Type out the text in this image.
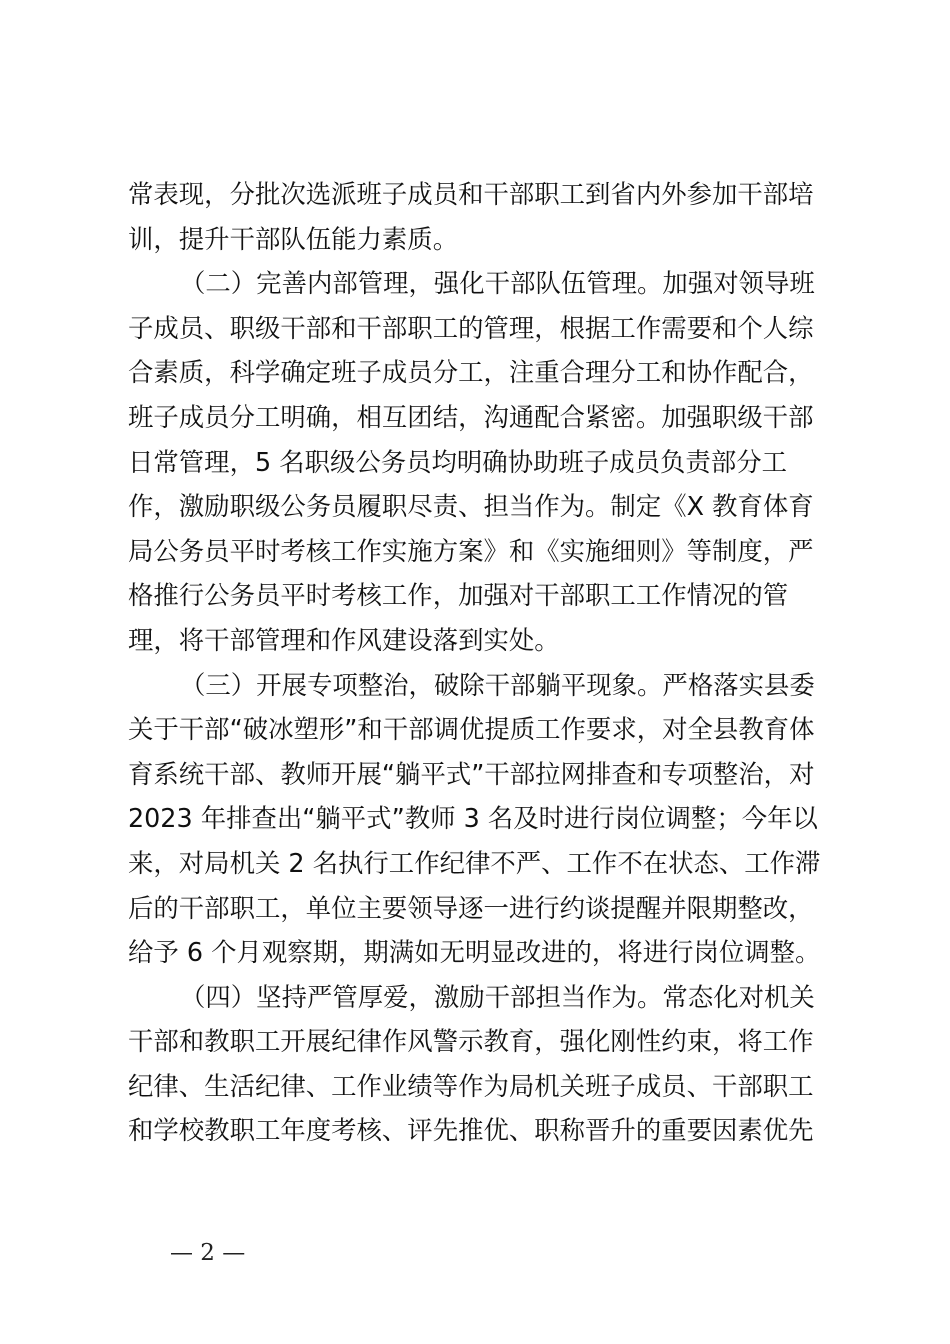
常表现，分批次选派班子成员和干部职工到省内外参加干部培
训，提升干部队伍能力素质。
（二）完善内部管理，强化干部队伍管理。加强对领导班
子成员、职级干部和干部职工的管理，根据工作需要和个人综
合素质，科学确定班子成员分工，注重合理分工和协作配合，
班子成员分工明确，相互团结，沟通配合紧密。加强职级干部
日常管理，5 名职级公务员均明确协助班子成员负责部分工
作，激励职级公务员履职尽责、担当作为。制定《X 教育体育
局公务员平时考核工作实施方案》和《实施细则》等制度，严
格推行公务员平时考核工作，加强对干部职工工作情况的管
理，将干部管理和作风建设落到实处。
（三）开展专项整治，破除干部躺平现象。严格落实县委
关于干部“破冰塑形”和干部调优提质工作要求，对全县教育体
育系统干部、教师开展“躺平式”干部拉网排查和专项整治，对
2023 年排查出“躺平式”教师 3 名及时进行岗位调整；今年以
来，对局机关 2 名执行工作纪律不严、工作不在状态、工作滞
后的干部职工，单位主要领导逐一进行约谈提醒并限期整改，
给予 6 个月观察期，期满如无明显改进的，将进行岗位调整。
（四）坚持严管厚爱，激励干部担当作为。常态化对机关
干部和教职工开展纪律作风警示教育，强化刚性约束，将工作
纪律、生活纪律、工作业绩等作为局机关班子成员、干部职工
和学校教职工年度考核、评先推优、职称晋升的重要因素优先
— 2 —
